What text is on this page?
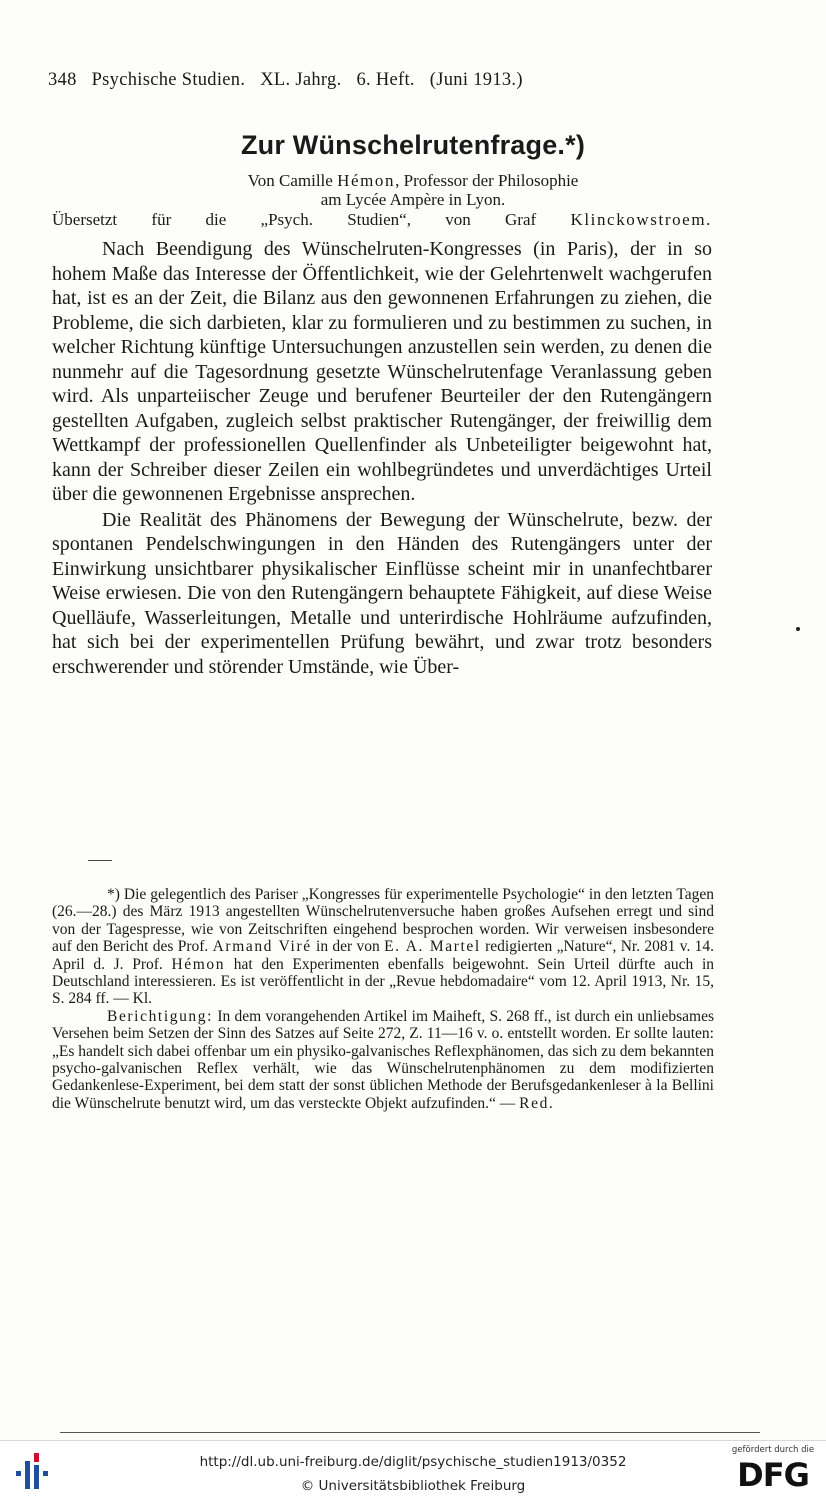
348 Psychische Studien. XL. Jahrg. 6. Heft. (Juni 1913.)
Zur Wünschelrutenfrage.*)
Von Camille Hémon, Professor der Philosophie
am Lycée Ampère in Lyon.
Übersetzt für die „Psych. Studien“, von Graf Klinckowstroem.

Nach Beendigung des Wünschelruten-Kongresses (in Paris), der in so hohem Maße das Interesse der Öffentlichkeit, wie der Gelehrtenwelt wachgerufen hat, ist es an der Zeit, die Bilanz aus den gewonnenen Erfahrungen zu ziehen, die Probleme, die sich darbieten, klar zu formulieren und zu bestimmen zu suchen, in welcher Richtung künftige Untersuchungen anzustellen sein werden, zu denen die nunmehr auf die Tagesordnung gesetzte Wünschelrutenfage Veranlassung geben wird. Als unparteiischer Zeuge und berufener Beurteiler der den Rutengängern gestellten Aufgaben, zugleich selbst praktischer Rutengänger, der freiwillig dem Wettkampf der professionellen Quellenfinder als Unbeteiligter beigewohnt hat, kann der Schreiber dieser Zeilen ein wohlbegründetes und unverdächtiges Urteil über die gewonnenen Ergebnisse ansprechen.

Die Realität des Phänomens der Bewegung der Wünschelrute, bezw. der spontanen Pendelschwingungen in den Händen des Rutengängers unter der Einwirkung unsichtbarer physikalischer Einflüsse scheint mir in unanfechtbarer Weise erwiesen. Die von den Rutengängern behauptete Fähigkeit, auf diese Weise Quelläufe, Wasserleitungen, Metalle und unterirdische Hohlräume aufzufinden, hat sich bei der experimentellen Prüfung bewährt, und zwar trotz besonders erschwerender und störender Umstände, wie Über-

*) Die gelegentlich des Pariser „Kongresses für experimentelle Psychologie“ in den letzten Tagen (26.—28.) des März 1913 angestellten Wünschelrutenversuche haben großes Aufsehen erregt und sind von der Tagespresse, wie von Zeitschriften eingehend besprochen worden. Wir verweisen insbesondere auf den Bericht des Prof. Armand Viré in der von E. A. Martel redigierten „Nature“, Nr. 2081 v. 14. April d. J. Prof. Hémon hat den Experimenten ebenfalls beigewohnt. Sein Urteil dürfte auch in Deutschland interessieren. Es ist veröffentlicht in der „Revue hebdomadaire“ vom 12. April 1913, Nr. 15, S. 284 ff. — Kl.

Berichtigung: In dem vorangehenden Artikel im Maiheft, S. 268 ff., ist durch ein unliebsames Versehen beim Setzen der Sinn des Satzes auf Seite 272, Z. 11—16 v. o. entstellt worden. Er sollte lauten: „Es handelt sich dabei offenbar um ein physiko-galvanisches Reflexphänomen, das sich zu dem bekannten psycho-galvanischen Reflex verhält, wie das Wünschelrutenphänomen zu dem modifizierten Gedankenlese-Experiment, bei dem statt der sonst üblichen Methode der Berufsgedankenleser à la Bellini die Wünschelrute benutzt wird, um das versteckte Objekt aufzufinden.“ — Red.

http://dl.ub.uni-freiburg.de/diglit/psychische_studien1913/0352
© Universitätsbibliothek Freiburg
gefördert durch die
DFG
